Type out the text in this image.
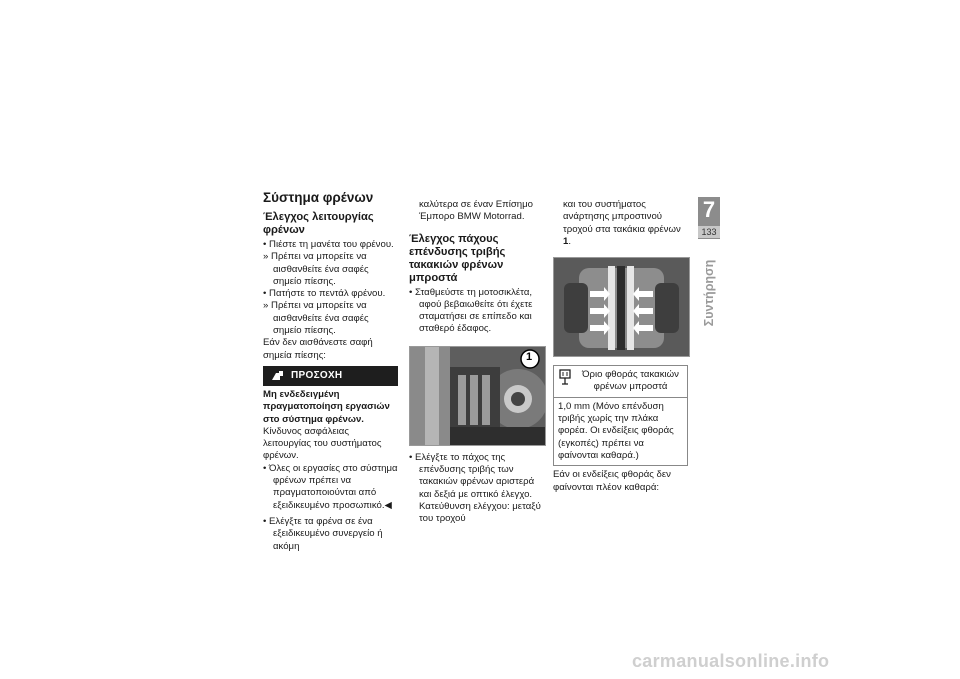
Σύστημα φρένων
Έλεγχος λειτουργίας φρένων

• Πιέστε τη μανέτα του φρένου.

» Πρέπει να μπορείτε να αισθανθείτε ένα σαφές σημείο πίεσης.

• Πατήστε το πεντάλ φρένου.

» Πρέπει να μπορείτε να αισθανθείτε ένα σαφές σημείο πίεσης.

Εάν δεν αισθάνεστε σαφή σημεία πίεσης:

ΠΡΟΣΟΧΗ

Μη ενδεδειγμένη πραγματοποίηση εργασιών στο σύστημα φρένων.

Κίνδυνος ασφάλειας λειτουργίας του συστήματος φρένων.

• Όλες οι εργασίες στο σύστημα φρένων πρέπει να πραγματοποιούνται από εξειδικευμένο προσωπικό.◀

• Ελέγξτε τα φρένα σε ένα εξειδικευμένο συνεργείο ή ακόμη

καλύτερα σε έναν Επίσημο Έμπορο BMW Motorrad.

Έλεγχος πάχους επένδυσης τριβής τακακιών φρένων μπροστά

• Σταθμεύστε τη μοτοσικλέτα, αφού βεβαιωθείτε ότι έχετε σταματήσει σε επίπεδο και σταθερό έδαφος.

1

• Ελέγξτε το πάχος της επένδυσης τριβής των τακακιών φρένων αριστερά και δεξιά με οπτικό έλεγχο. Κατεύθυνση ελέγχου: μεταξύ του τροχού

και του συστήματος ανάρτησης μπροστινού τροχού στα τακάκια φρένων 1.

Όριο φθοράς τακακιών φρένων μπροστά
1,0 mm (Μόνο επένδυση τριβής χωρίς την πλάκα φορέα. Οι ενδείξεις φθοράς (εγκοπές) πρέπει να φαίνονται καθαρά.)

Εάν οι ενδείξεις φθοράς δεν φαίνονται πλέον καθαρά:

7
133
Συντήρηση
carmanualsonline.info
